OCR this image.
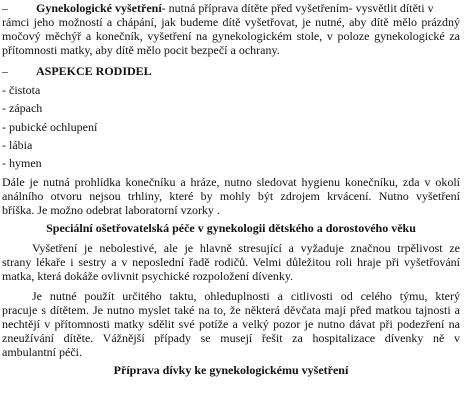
– Gynekologické vyšetření- nutná příprava dítěte před vyšetřením- vysvětlit dítěti v
rámci jeho možností a chápání, jak budeme dítě vyšetřovat, je nutné, aby dítě mělo prázdný
močový měchýř a konečník, vyšetření na gynekologickém stole, v poloze gynekologické za
přítomnosti matky, aby dítě mělo pocit bezpečí a ochrany.
– ASPEKCE RODIDEL
- čistota
- zápach
- pubické ochlupení
- lábia
- hymen
Dále je nutná prohlídka konečníku a hráze, nutno sledovat hygienu konečníku, zda v okolí
análního otvoru nejsou trhliny, které by mohly být zdrojem krvácení. Nutno vyšetření
bříška. Je možno odebrat laboratorní vzorky .
Speciální ošetřovatelská péče v gynekologii dětského a dorostového věku
Vyšetření je nebolestivé, ale je hlavně stresující a vyžaduje značnou trpělivost ze
strany lékaře i sestry a v neposlední řadě rodičů. Velmi důležitou roli hraje při vyšetřování
matka, která dokáže ovlivnit psychické rozpoložení dívenky.
Je nutné použít určitého taktu, ohleduplnosti a citlivosti od celého týmu, který
pracuje s dítětem. Je nutno myslet také na to, že některá děvčata mají před matkou tajnosti a
nechtějí v přítomnosti matky sdělit své potíže a velký pozor je nutno dávat při podezření na
zneužívání dítěte. Vážnější případy se musejí řešit za hospitalizace dívenky ně v
ambulantní péči.
Příprava dívky ke gynekologickému vyšetření
